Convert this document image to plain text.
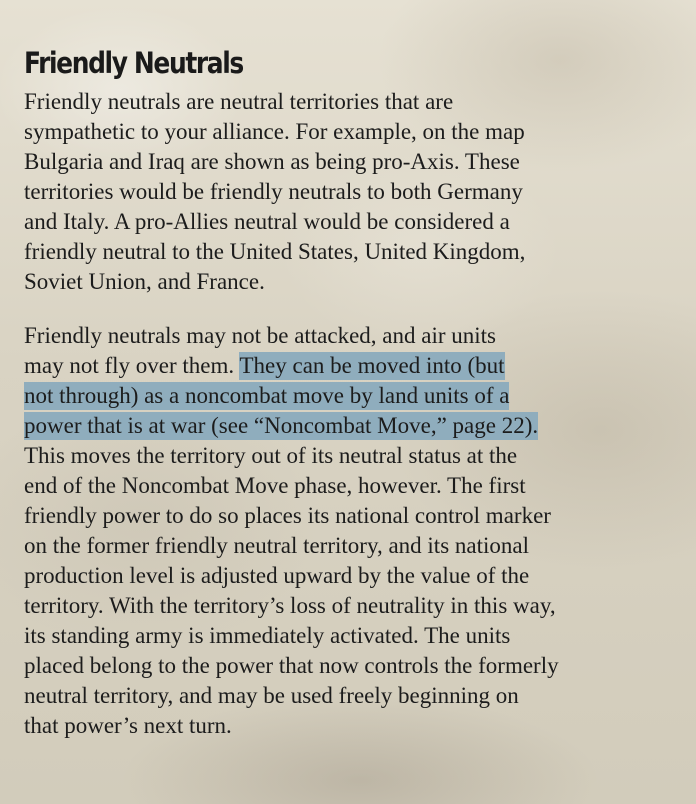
Friendly Neutrals
Friendly neutrals are neutral territories that are
sympathetic to your alliance. For example, on the map
Bulgaria and Iraq are shown as being pro-Axis. These
territories would be friendly neutrals to both Germany
and Italy. A pro-Allies neutral would be considered a
friendly neutral to the United States, United Kingdom,
Soviet Union, and France.
Friendly neutrals may not be attacked, and air units
may not fly over them. They can be moved into (but
not through) as a noncombat move by land units of a
power that is at war (see “Noncombat Move,” page 22).
This moves the territory out of its neutral status at the
end of the Noncombat Move phase, however. The first
friendly power to do so places its national control marker
on the former friendly neutral territory, and its national
production level is adjusted upward by the value of the
territory. With the territory’s loss of neutrality in this way,
its standing army is immediately activated. The units
placed belong to the power that now controls the formerly
neutral territory, and may be used freely beginning on
that power’s next turn.
